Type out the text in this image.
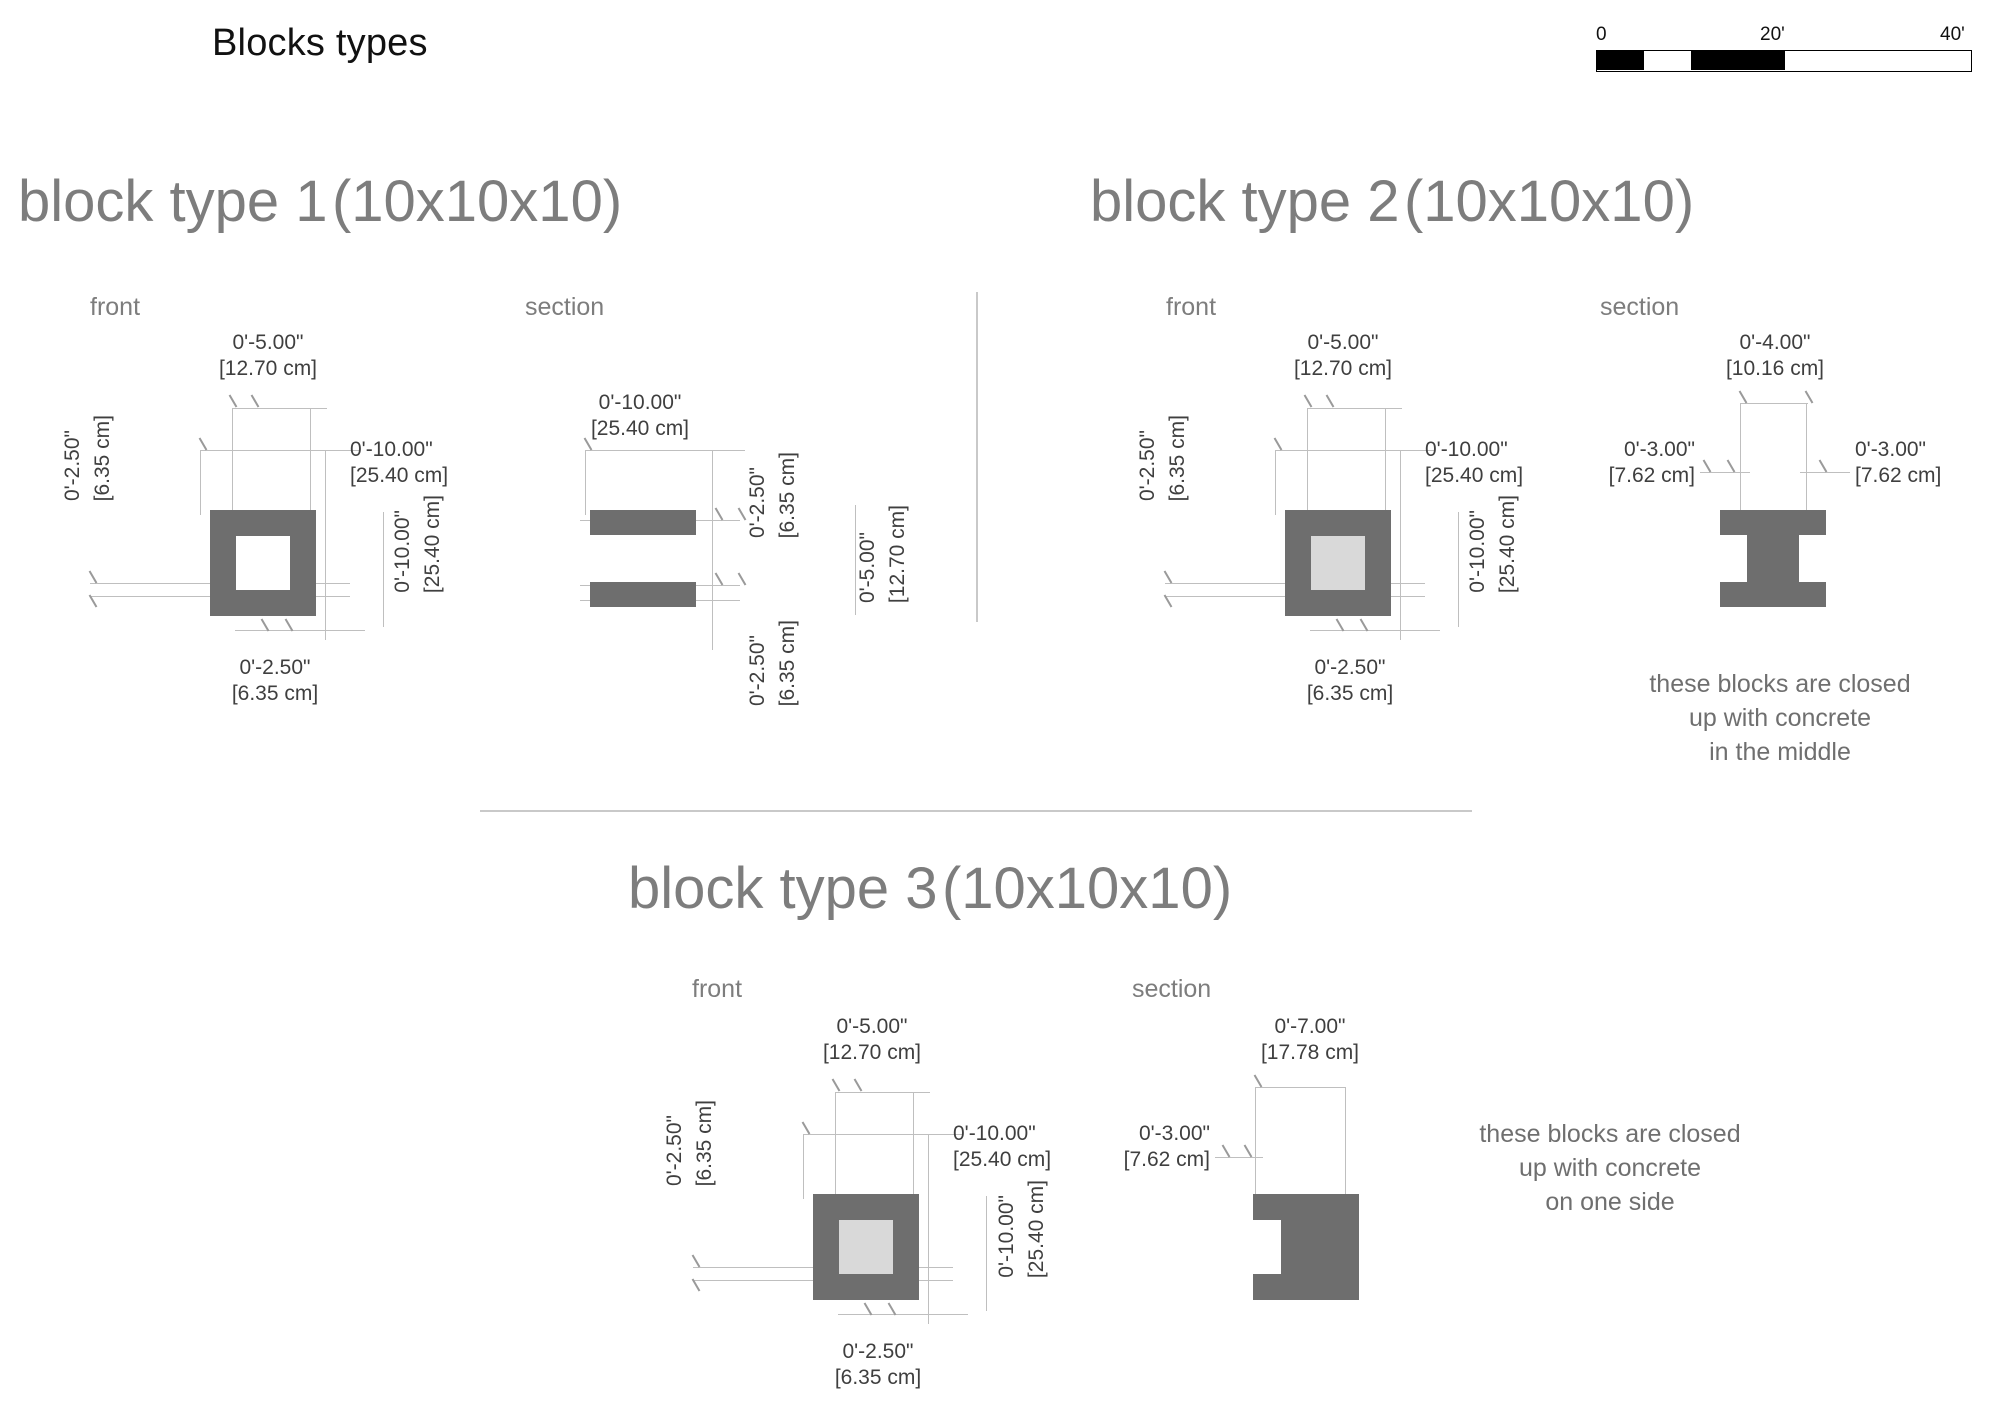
Blocks types	0	20'	40'
block type 1 (10x10x10)
front	section
0'-5.00"
[12.70 cm]
0'-10.00"
[25.40 cm]
0'-2.50" [6.35 cm]
0'-10.00" [25.40 cm]
0'-2.50"
[6.35 cm]
0'-10.00"
[25.40 cm]
0'-2.50" [6.35 cm]
0'-5.00" [12.70 cm]
0'-2.50" [6.35 cm]
block type 2 (10x10x10)
front	section
0'-5.00"
[12.70 cm]
0'-10.00"
[25.40 cm]
0'-2.50" [6.35 cm]
0'-10.00" [25.40 cm]
0'-2.50"
[6.35 cm]
0'-4.00"
[10.16 cm]
0'-3.00"
[7.62 cm]
0'-3.00"
[7.62 cm]
these blocks are closed
up with concrete
in the middle
block type 3 (10x10x10)
front	section
0'-5.00"
[12.70 cm]
0'-10.00"
[25.40 cm]
0'-2.50" [6.35 cm]
0'-10.00" [25.40 cm]
0'-2.50"
[6.35 cm]
0'-7.00"
[17.78 cm]
0'-3.00"
[7.62 cm]
these blocks are closed
up with concrete
on one side
